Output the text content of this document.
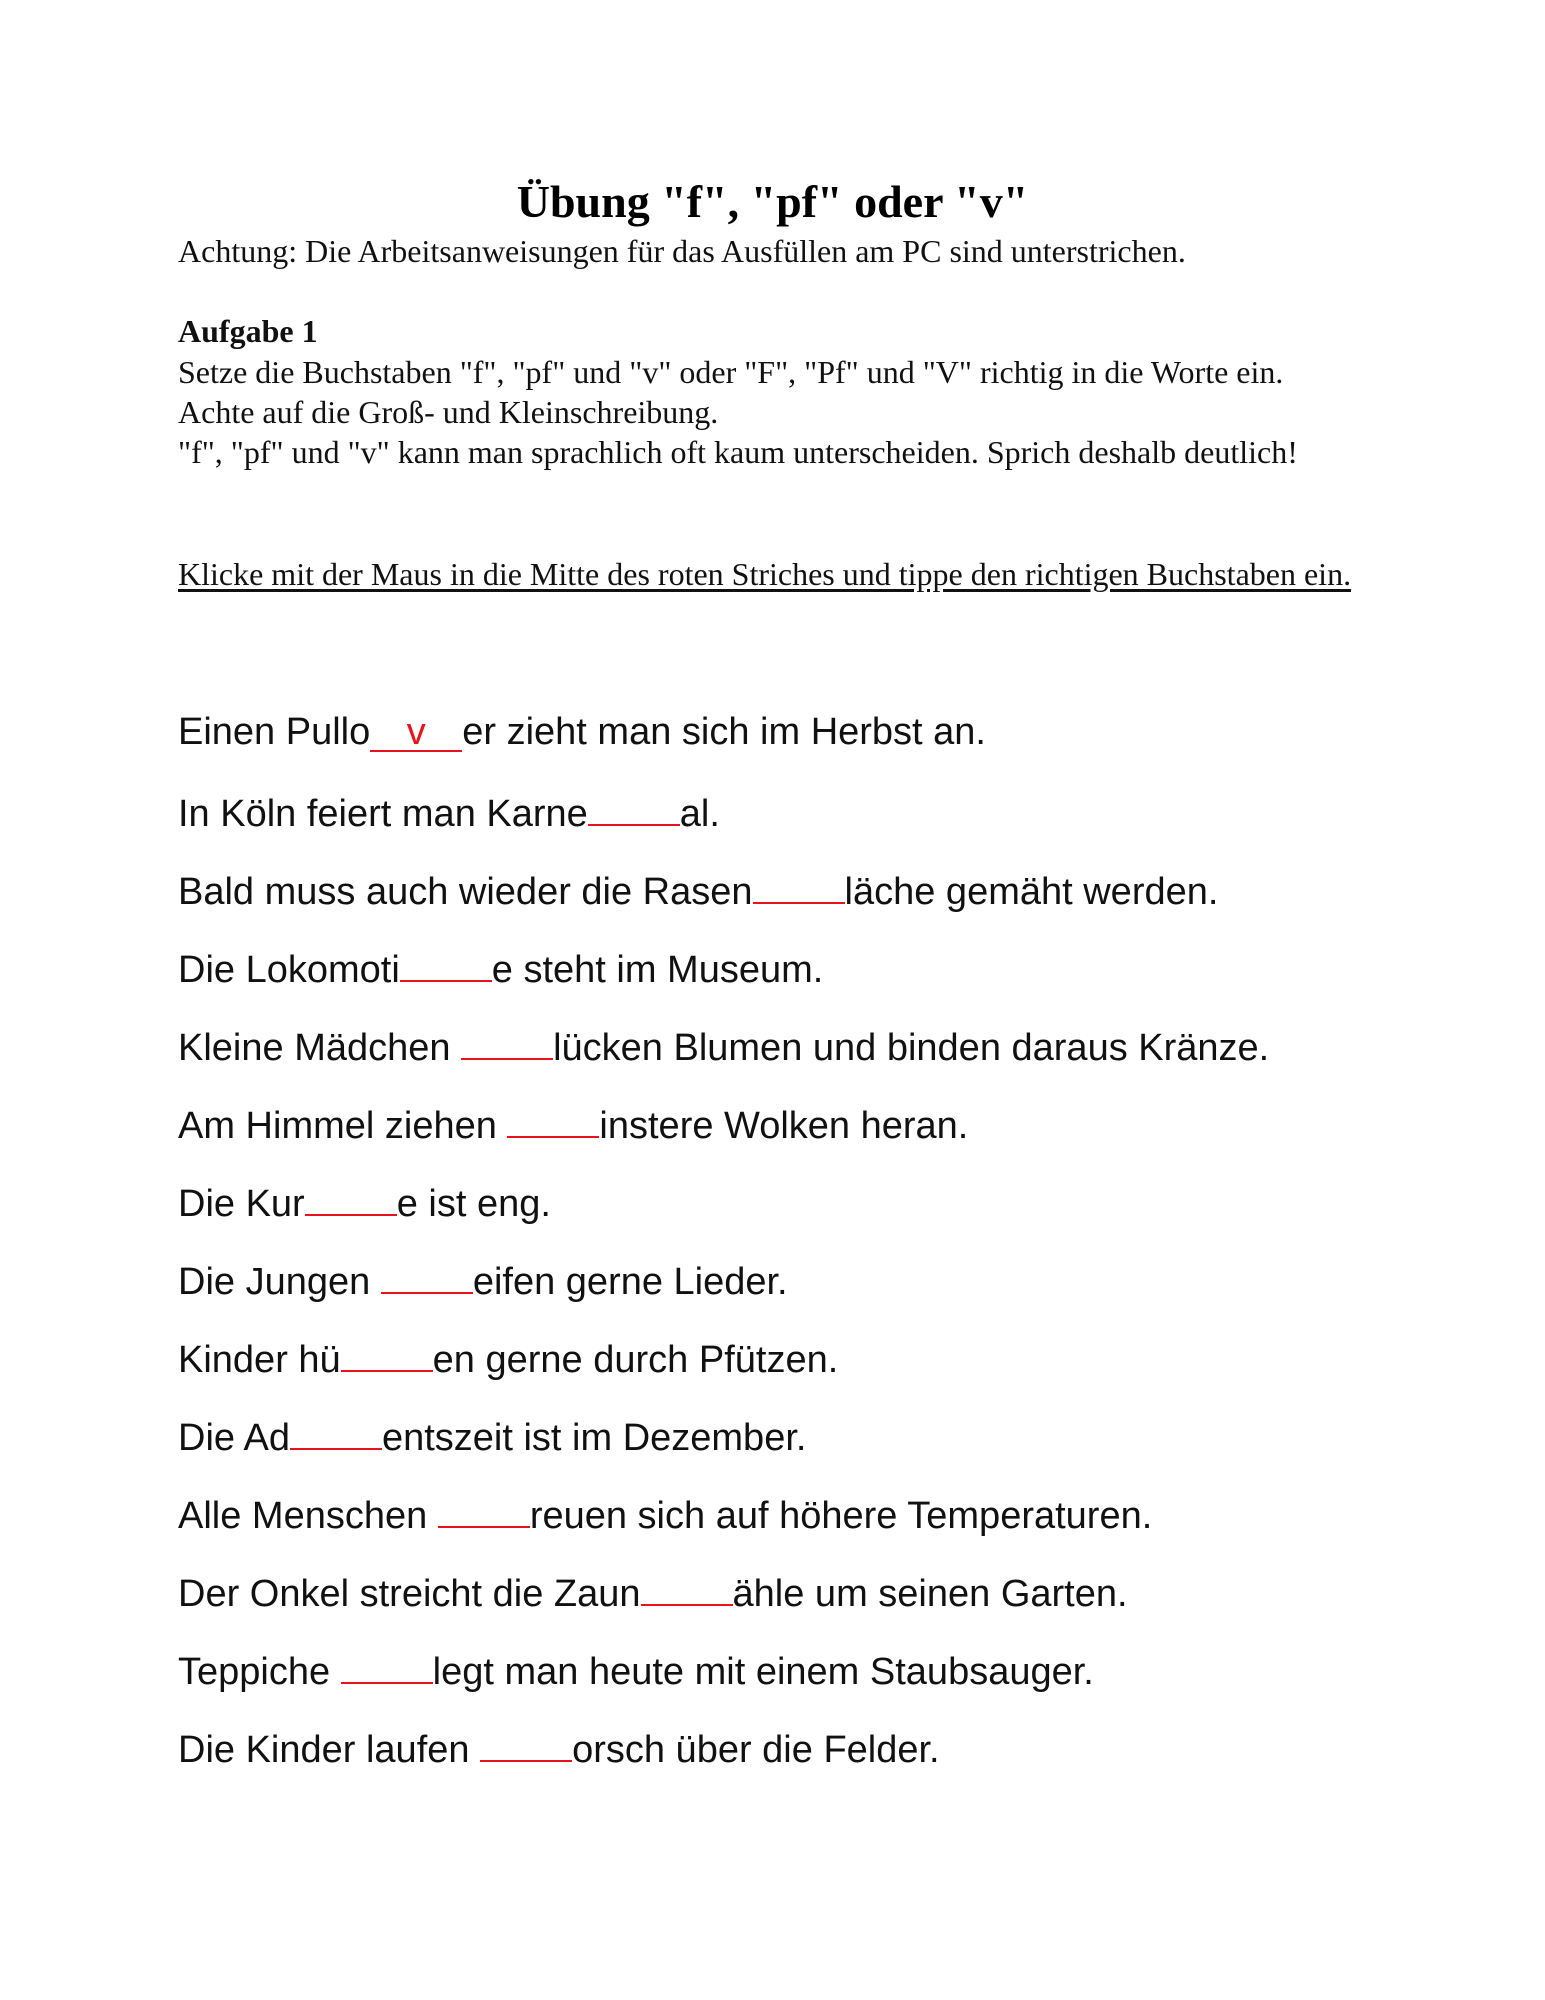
Übung "f", "pf" oder "v"

Achtung: Die Arbeitsanweisungen für das Ausfüllen am PC sind unterstrichen.

Aufgabe 1

Setze die Buchstaben "f", "pf" und "v" oder "F", "Pf" und "V" richtig in die Worte ein. Achte auf die Groß- und Kleinschreibung.

"f", "pf" und "v" kann man sprachlich oft kaum unterscheiden. Sprich deshalb deutlich!

Klicke mit der Maus in die Mitte des roten Striches und tippe den richtigen Buchstaben ein.

Einen Pullo v er zieht man sich im Herbst an.
In Köln feiert man Karne al.
Bald muss auch wieder die Rasen läche gemäht werden.
Die Lokomoti e steht im Museum.
Kleine Mädchen lücken Blumen und binden daraus Kränze.
Am Himmel ziehen instere Wolken heran.
Die Kur e ist eng.
Die Jungen eifen gerne Lieder.
Kinder hü en gerne durch Pfützen.
Die Ad entszeit ist im Dezember.
Alle Menschen reuen sich auf höhere Temperaturen.
Der Onkel streicht die Zaun ähle um seinen Garten.
Teppiche legt man heute mit einem Staubsauger.
Die Kinder laufen orsch über die Felder.
